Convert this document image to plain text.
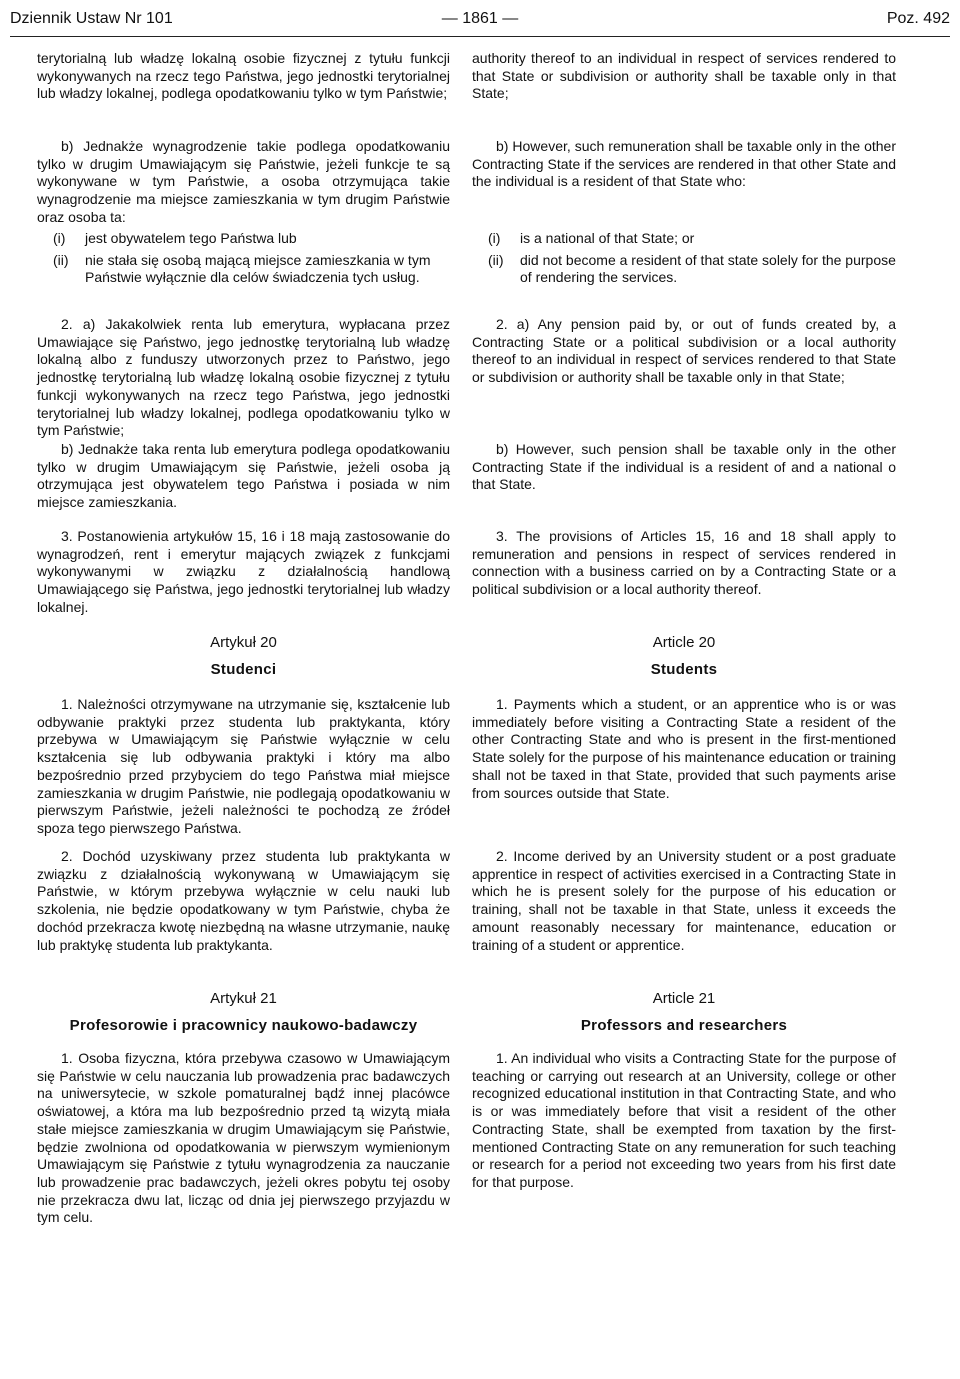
Dziennik Ustaw Nr 101	— 1861 —	Poz. 492

terytorialną lub władzę lokalną osobie fizycznej z tytułu funkcji wykonywanych na rzecz tego Państwa, jego jednostki terytorialnej lub władzy lokalnej, podlega opodatkowaniu tylko w tym Państwie;

b) Jednakże wynagrodzenie takie podlega opodatkowaniu tylko w drugim Umawiającym się Państwie, jeżeli funkcje te są wykonywane w tym Państwie, a osoba otrzymująca takie wynagrodzenie ma miejsce zamieszkania w tym drugim Państwie oraz osoba ta:

(i)	jest obywatelem tego Państwa lub
(ii)	nie stała się osobą mającą miejsce zamieszkania w tym Państwie wyłącznie dla celów świadczenia tych usług.

2. a) Jakakolwiek renta lub emerytura, wypłacana przez Umawiające się Państwo, jego jednostkę terytorialną lub władzę lokalną albo z funduszy utworzonych przez to Państwo, jego jednostkę terytorialną lub władzę lokalną osobie fizycznej z tytułu funkcji wykonywanych na rzecz tego Państwa, jego jednostki terytorialnej lub władzy lokalnej, podlega opodatkowaniu tylko w tym Państwie;

b) Jednakże taka renta lub emerytura podlega opodatkowaniu tylko w drugim Umawiającym się Państwie, jeżeli osoba ją otrzymująca jest obywatelem tego Państwa i posiada w nim miejsce zamieszkania.

3. Postanowienia artykułów 15, 16 i 18 mają zastosowanie do wynagrodzeń, rent i emerytur mających związek z funkcjami wykonywanymi w związku z działalnością handlową Umawiającego się Państwa, jego jednostki terytorialnej lub władzy lokalnej.

Artykuł 20
Studenci

1. Należności otrzymywane na utrzymanie się, kształcenie lub odbywanie praktyki przez studenta lub praktykanta, który przebywa w Umawiającym się Państwie wyłącznie w celu kształcenia się lub odbywania praktyki i który ma albo bezpośrednio przed przybyciem do tego Państwa miał miejsce zamieszkania w drugim Państwie, nie podlegają opodatkowaniu w pierwszym Państwie, jeżeli należności te pochodzą ze źródeł spoza tego pierwszego Państwa.

2. Dochód uzyskiwany przez studenta lub praktykanta w związku z działalnością wykonywaną w Umawiającym się Państwie, w którym przebywa wyłącznie w celu nauki lub szkolenia, nie będzie opodatkowany w tym Państwie, chyba że dochód przekracza kwotę niezbędną na własne utrzymanie, naukę lub praktykę studenta lub praktykanta.

Artykuł 21
Profesorowie i pracownicy naukowo-badawczy

1. Osoba fizyczna, która przebywa czasowo w Umawiającym się Państwie w celu nauczania lub prowadzenia prac badawczych na uniwersytecie, w szkole pomaturalnej bądź innej placówce oświatowej, a która ma lub bezpośrednio przed tą wizytą miała stałe miejsce zamieszkania w drugim Umawiającym się Państwie, będzie zwolniona od opodatkowania w pierwszym wymienionym Umawiającym się Państwie z tytułu wynagrodzenia za nauczanie lub prowadzenie prac badawczych, jeżeli okres pobytu tej osoby nie przekracza dwu lat, licząc od dnia jej pierwszego przyjazdu w tym celu.

authority thereof to an individual in respect of services rendered to that State or subdivision or authority shall be taxable only in that State;

b) However, such remuneration shall be taxable only in the other Contracting State if the services are rendered in that other State and the individual is a resident of that State who:

(i)	is a national of that State; or
(ii)	did not become a resident of that state solely for the purpose of rendering the services.

2. a) Any pension paid by, or out of funds created by, a Contracting State or a political subdivision or a local authority thereof to an individual in respect of services rendered to that State or subdivision or authority shall be taxable only in that State;

b) However, such pension shall be taxable only in the other Contracting State if the individual is a resident of and a national o that State.

3. The provisions of Articles 15, 16 and 18 shall apply to remuneration and pensions in respect of services rendered in connection with a business carried on by a Contracting State or a political subdivision or a local authority thereof.

Article 20
Students

1. Payments which a student, or an apprentice who is or was immediately before visiting a Contracting State a resident of the other Contracting State and who is present in the first-mentioned State solely for the purpose of his maintenance education or training shall not be taxed in that State, provided that such payments arise from sources outside that State.

2. Income derived by an University student or a post graduate apprentice in respect of activities exercised in a Contracting State in which he is present solely for the purpose of his education or training, shall not be taxable in that State, unless it exceeds the amount reasonably necessary for maintenance, education or training of a student or apprentice.

Article 21
Professors and researchers

1. An individual who visits a Contracting State for the purpose of teaching or carrying out research at an University, college or other recognized educational institution in that Contracting State, and who is or was immediately before that visit a resident of the other Contracting State, shall be exempted from taxation by the first-mentioned Contracting State on any remuneration for such teaching or research for a period not exceeding two years from his first date for that purpose.
